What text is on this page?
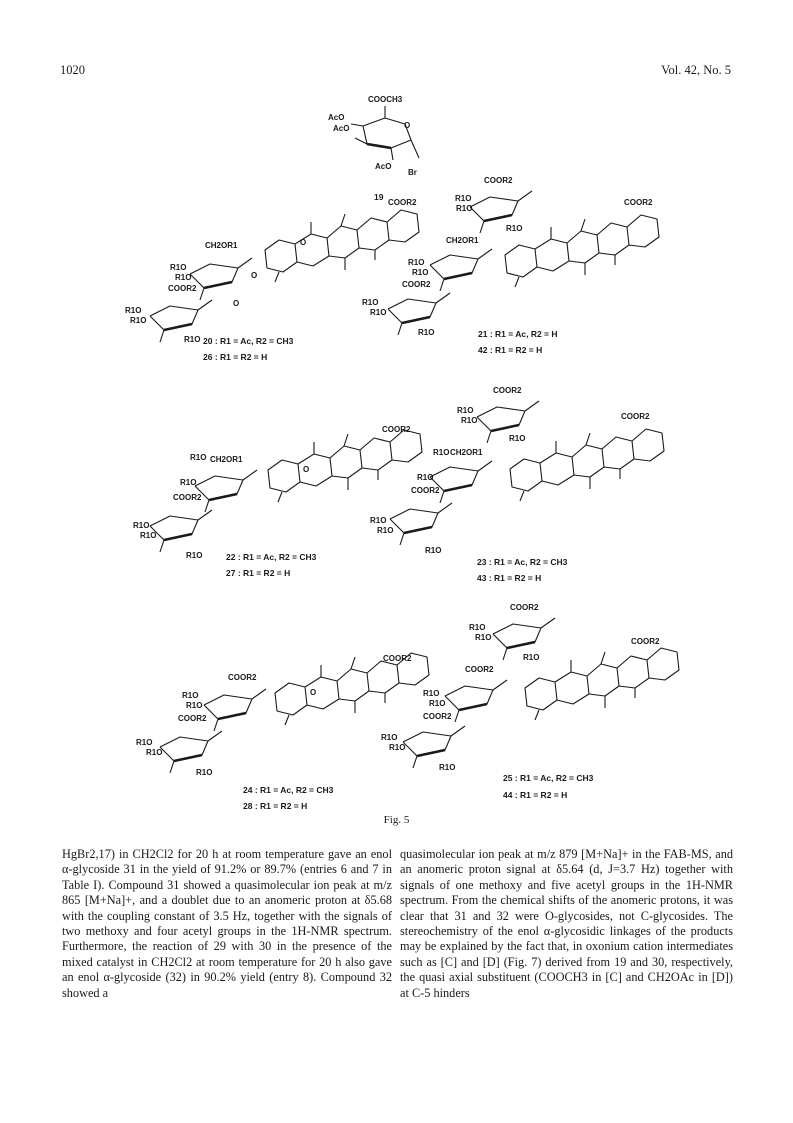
1020	Vol. 42, No. 5
COOCH3
AcO
AcO
AcO
Br
O
19
CH2OR1
R1O
R1O
COOR2
R1O
R1O
R1O
O
O
COOR2
O
20 : R1 = Ac, R2 = CH3
26 : R1 = R2 = H
COOR2
R1O
R1O
R1O
CH2OR1
R1O
R1O
COOR2
R1O
R1O
R1O
COOR2
21 : R1 = Ac, R2 = H
42 : R1 = R2 = H
R1O CH2OR1
R1O
COOR2
R1O
R1O
R1O
COOR2
O
22 : R1 = Ac, R2 = CH3
27 : R1 = R2 = H
COOR2
R1O
R1O
R1O
R1O CH2OR1
R1O
COOR2
R1O
R1O
R1O
COOR2
23 : R1 = Ac, R2 = CH3
43 : R1 = R2 = H
COOR2
R1O
R1O
COOR2
R1O
R1O
R1O
COOR2
O
24 : R1 = Ac, R2 = CH3
28 : R1 = R2 = H
COOR2
R1O
R1O
R1O
COOR2
R1O
R1O
COOR2
R1O
R1O
R1O
COOR2
25 : R1 = Ac, R2 = CH3
44 : R1 = R2 = H
Fig. 5

HgBr2,17) in CH2Cl2 for 20 h at room temperature gave an enol α-glycoside 31 in the yield of 91.2% or 89.7% (entries 6 and 7 in Table I). Compound 31 showed a quasimolecular ion peak at m/z 865 [M+Na]+, and a doublet due to an anomeric proton at δ5.68 with the coupling constant of 3.5 Hz, together with the signals of two methoxy and four acetyl groups in the 1H-NMR spectrum. Furthermore, the reaction of 29 with 30 in the presence of the mixed catalyst in CH2Cl2 at room temperature for 20 h also gave an enol α-glycoside (32) in 90.2% yield (entry 8). Compound 32 showed a

quasimolecular ion peak at m/z 879 [M+Na]+ in the FAB-MS, and an anomeric proton signal at δ5.64 (d, J=3.7 Hz) together with signals of one methoxy and five acetyl groups in the 1H-NMR spectrum. From the chemical shifts of the anomeric protons, it was clear that 31 and 32 were O-glycosides, not C-glycosides. The stereochemistry of the enol α-glycosidic linkages of the products may be explained by the fact that, in oxonium cation intermediates such as [C] and [D] (Fig. 7) derived from 19 and 30, respectively, the quasi axial substituent (COOCH3 in [C] and CH2OAc in [D]) at C-5 hinders
